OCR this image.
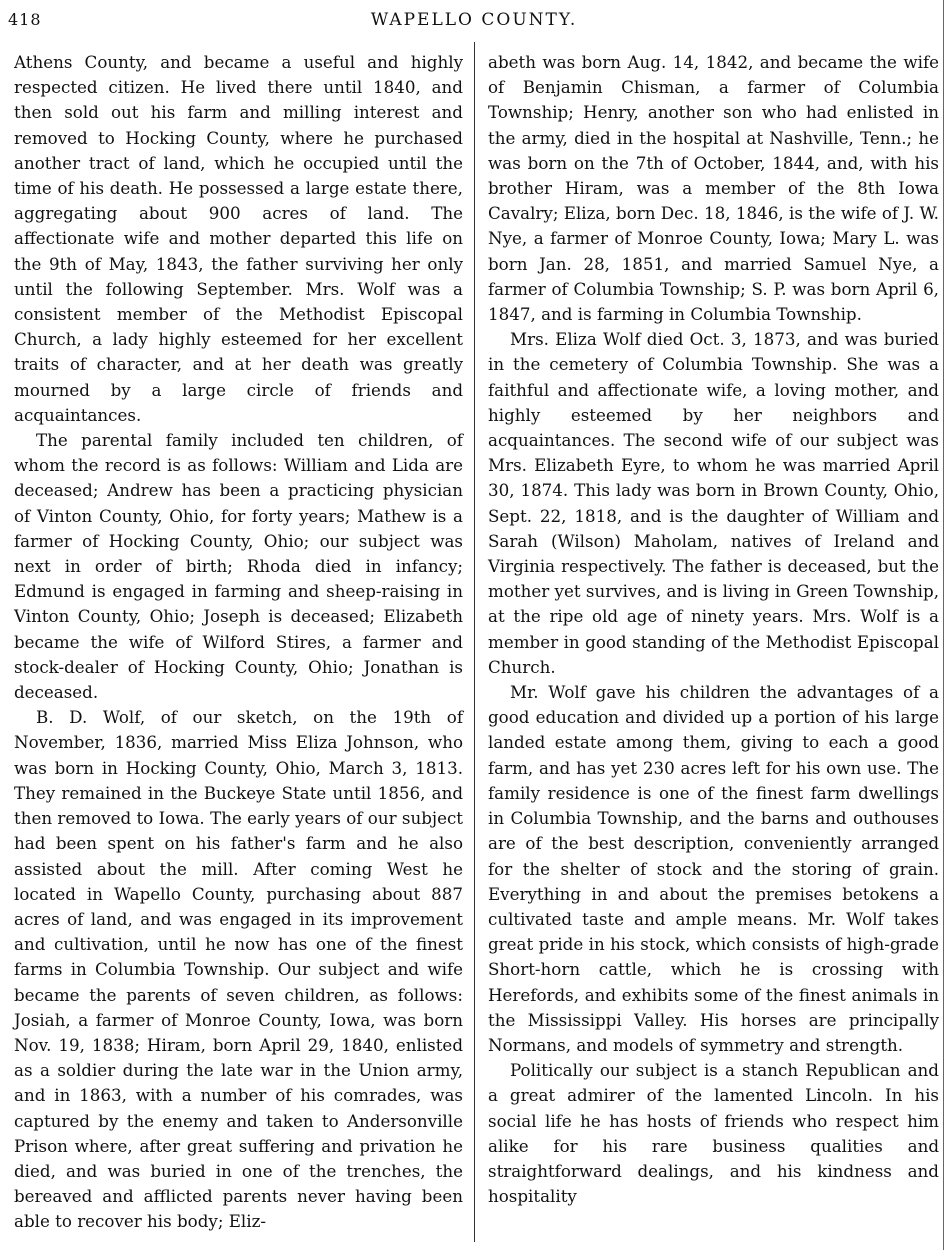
418	WAPELLO COUNTY.

Athens County, and became a useful and highly respected citizen. He lived there until 1840, and then sold out his farm and milling interest and removed to Hocking County, where he purchased another tract of land, which he occupied until the time of his death. He possessed a large estate there, aggregating about 900 acres of land. The affectionate wife and mother departed this life on the 9th of May, 1843, the father surviving her only until the following September. Mrs. Wolf was a consistent member of the Methodist Episcopal Church, a lady highly esteemed for her excellent traits of character, and at her death was greatly mourned by a large circle of friends and acquaintances.

The parental family included ten children, of whom the record is as follows: William and Lida are deceased; Andrew has been a practicing physician of Vinton County, Ohio, for forty years; Mathew is a farmer of Hocking County, Ohio; our subject was next in order of birth; Rhoda died in infancy; Edmund is engaged in farming and sheep-raising in Vinton County, Ohio; Joseph is deceased; Elizabeth became the wife of Wilford Stires, a farmer and stock-dealer of Hocking County, Ohio; Jonathan is deceased.

B. D. Wolf, of our sketch, on the 19th of November, 1836, married Miss Eliza Johnson, who was born in Hocking County, Ohio, March 3, 1813. They remained in the Buckeye State until 1856, and then removed to Iowa. The early years of our subject had been spent on his father's farm and he also assisted about the mill. After coming West he located in Wapello County, purchasing about 887 acres of land, and was engaged in its improvement and cultivation, until he now has one of the finest farms in Columbia Township. Our subject and wife became the parents of seven children, as follows: Josiah, a farmer of Monroe County, Iowa, was born Nov. 19, 1838; Hiram, born April 29, 1840, enlisted as a soldier during the late war in the Union army, and in 1863, with a number of his comrades, was captured by the enemy and taken to Andersonville Prison where, after great suffering and privation he died, and was buried in one of the trenches, the bereaved and afflicted parents never having been able to recover his body; Eliz-

abeth was born Aug. 14, 1842, and became the wife of Benjamin Chisman, a farmer of Columbia Township; Henry, another son who had enlisted in the army, died in the hospital at Nashville, Tenn.; he was born on the 7th of October, 1844, and, with his brother Hiram, was a member of the 8th Iowa Cavalry; Eliza, born Dec. 18, 1846, is the wife of J. W. Nye, a farmer of Monroe County, Iowa; Mary L. was born Jan. 28, 1851, and married Samuel Nye, a farmer of Columbia Township; S. P. was born April 6, 1847, and is farming in Columbia Township.

Mrs. Eliza Wolf died Oct. 3, 1873, and was buried in the cemetery of Columbia Township. She was a faithful and affectionate wife, a loving mother, and highly esteemed by her neighbors and acquaintances. The second wife of our subject was Mrs. Elizabeth Eyre, to whom he was married April 30, 1874. This lady was born in Brown County, Ohio, Sept. 22, 1818, and is the daughter of William and Sarah (Wilson) Maholam, natives of Ireland and Virginia respectively. The father is deceased, but the mother yet survives, and is living in Green Township, at the ripe old age of ninety years. Mrs. Wolf is a member in good standing of the Methodist Episcopal Church.

Mr. Wolf gave his children the advantages of a good education and divided up a portion of his large landed estate among them, giving to each a good farm, and has yet 230 acres left for his own use. The family residence is one of the finest farm dwellings in Columbia Township, and the barns and outhouses are of the best description, conveniently arranged for the shelter of stock and the storing of grain. Everything in and about the premises betokens a cultivated taste and ample means. Mr. Wolf takes great pride in his stock, which consists of high-grade Short-horn cattle, which he is crossing with Herefords, and exhibits some of the finest animals in the Mississippi Valley. His horses are principally Normans, and models of symmetry and strength.

Politically our subject is a stanch Republican and a great admirer of the lamented Lincoln. In his social life he has hosts of friends who respect him alike for his rare business qualities and straightforward dealings, and his kindness and hospitality
